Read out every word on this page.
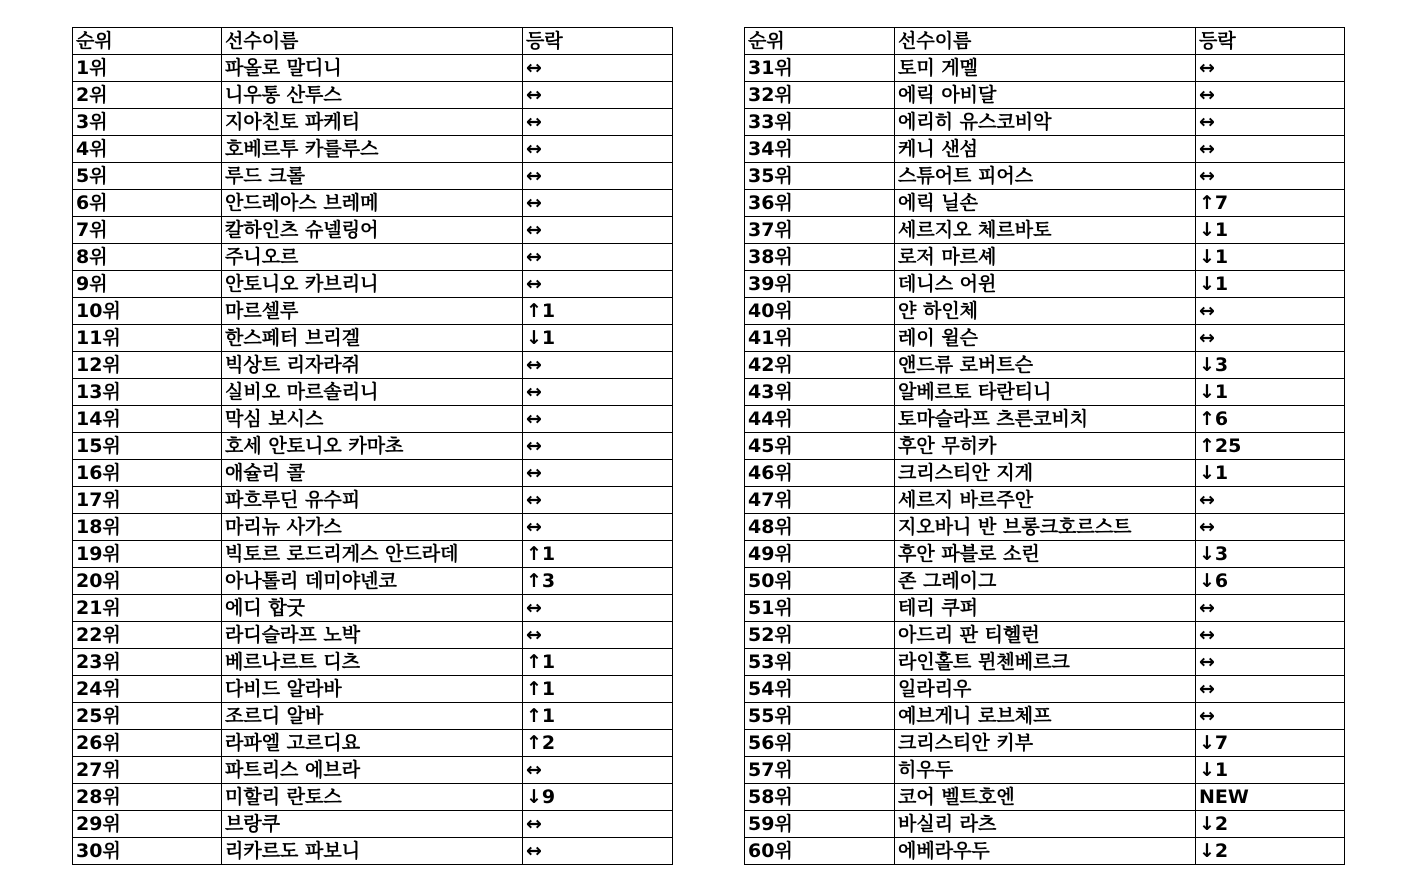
순위	선수이름	등락
1위	파올로 말디니	↔
2위	니우통 산투스	↔
3위	지아친토 파케티	↔
4위	호베르투 카를루스	↔
5위	루드 크롤	↔
6위	안드레아스 브레메	↔
7위	칼하인츠 슈넬링어	↔
8위	주니오르	↔
9위	안토니오 카브리니	↔
10위	마르셀루	↑1
11위	한스페터 브리겔	↓1
12위	빅상트 리자라쥐	↔
13위	실비오 마르솔리니	↔
14위	막심 보시스	↔
15위	호세 안토니오 카마초	↔
16위	애슐리 콜	↔
17위	파흐루딘 유수피	↔
18위	마리뉴 사가스	↔
19위	빅토르 로드리게스 안드라데	↑1
20위	아나톨리 데미야넨코	↑3
21위	에디 합굿	↔
22위	라디슬라프 노박	↔
23위	베르나르트 디츠	↑1
24위	다비드 알라바	↑1
25위	조르디 알바	↑1
26위	라파엘 고르디요	↑2
27위	파트리스 에브라	↔
28위	미할리 란토스	↓9
29위	브랑쿠	↔
30위	리카르도 파보니	↔
순위	선수이름	등락
31위	토미 게멜	↔
32위	에릭 아비달	↔
33위	에리히 유스코비악	↔
34위	케니 샌섬	↔
35위	스튜어트 피어스	↔
36위	에릭 닐손	↑7
37위	세르지오 체르바토	↓1
38위	로저 마르셰	↓1
39위	데니스 어윈	↓1
40위	얀 하인체	↔
41위	레이 윌슨	↔
42위	앤드류 로버트슨	↓3
43위	알베르토 타란티니	↓1
44위	토마슬라프 츠른코비치	↑6
45위	후안 무히카	↑25
46위	크리스티안 지게	↓1
47위	세르지 바르주안	↔
48위	지오바니 반 브롱크호르스트	↔
49위	후안 파블로 소린	↓3
50위	존 그레이그	↓6
51위	테리 쿠퍼	↔
52위	아드리 판 티헬런	↔
53위	라인홀트 뮌첸베르크	↔
54위	일라리우	↔
55위	예브게니 로브체프	↔
56위	크리스티안 키부	↓7
57위	히우두	↓1
58위	코어 벨트호엔	NEW
59위	바실리 라츠	↓2
60위	에베라우두	↓2
